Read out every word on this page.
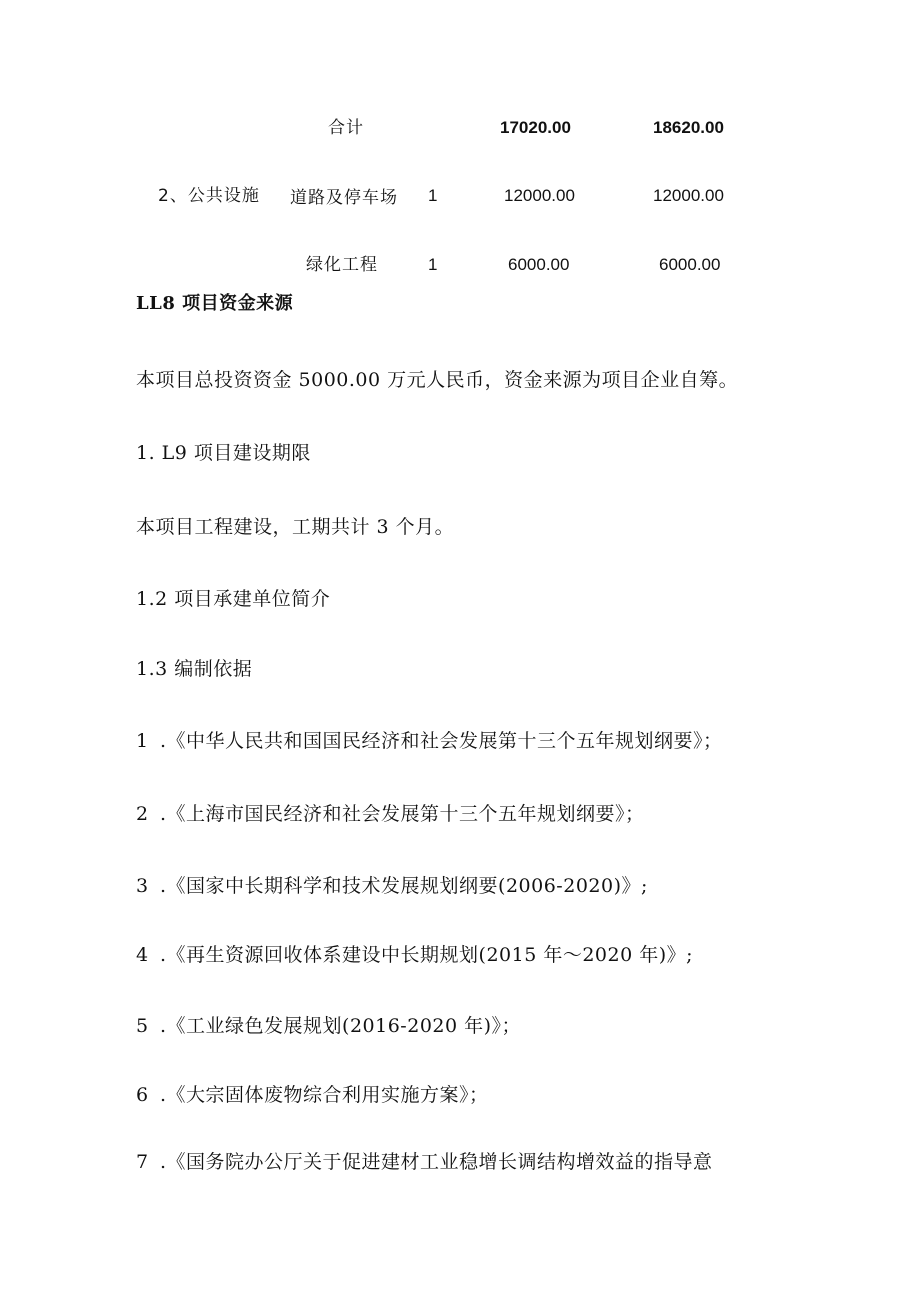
合计	17020.00	18620.00
2、公共设施 道路及停车场 1	12000.00	12000.00
绿化工程	1	6000.00	6000.00
LL8 项目资金来源
本项目总投资资金 5000.00 万元人民币，资金来源为项目企业自筹。
1. L9 项目建设期限
本项目工程建设，工期共计 3 个月。
1.2 项目承建单位简介
1.3 编制依据
1 .《中华人民共和国国民经济和社会发展第十三个五年规划纲要》；
2 .《上海市国民经济和社会发展第十三个五年规划纲要》；
3 .《国家中长期科学和技术发展规划纲要(2006-2020)》;
4 .《再生资源回收体系建设中长期规划(2015 年～2020 年)》;
5 .《工业绿色发展规划(2016-2020 年)》；
6 .《大宗固体废物综合利用实施方案》；
7 .《国务院办公厅关于促进建材工业稳增长调结构增效益的指导意
